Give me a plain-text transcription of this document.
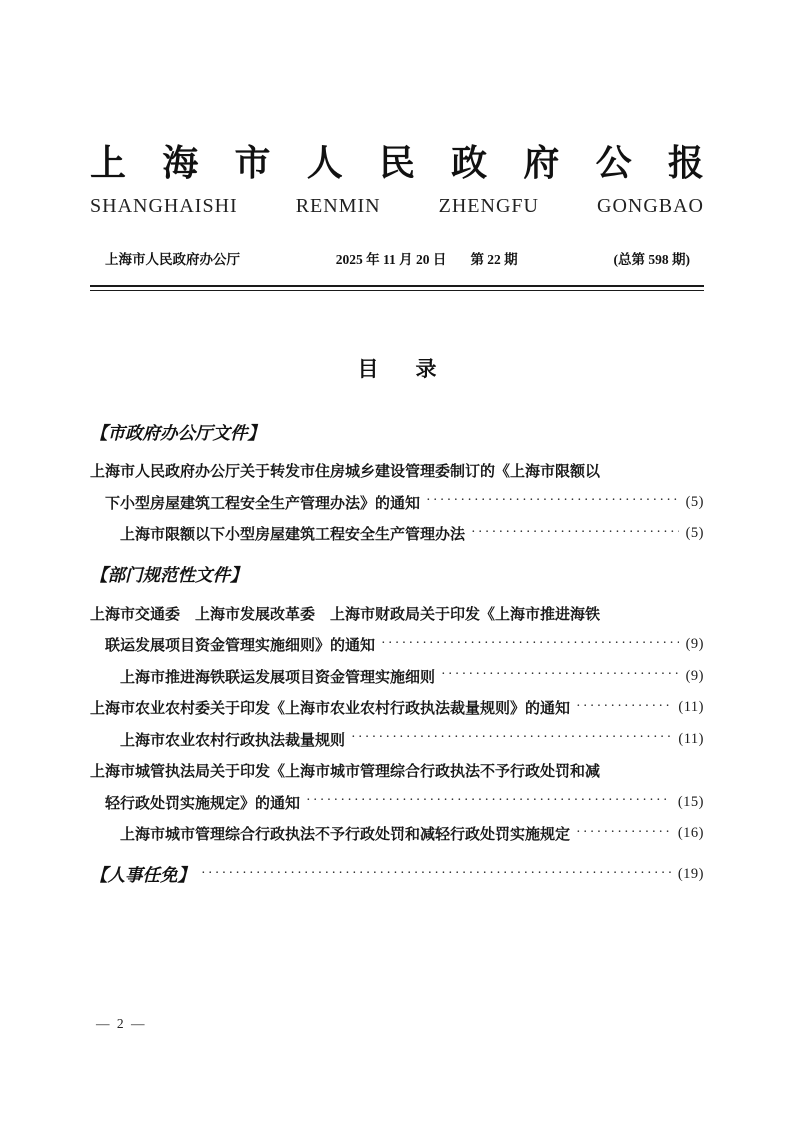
上 海 市 人 民 政 府 公 报
SHANGHAISHI	RENMIN	ZHENGFU	GONGBAO
上海市人民政府办公厅	2025 年 11 月 20 日 第 22 期	(总第 598 期)
目 录
【市政府办公厅文件】
上海市人民政府办公厅关于转发市住房城乡建设管理委制订的《上海市限额以
下小型房屋建筑工程安全生产管理办法》的通知 ·····	(5)
上海市限额以下小型房屋建筑工程安全生产管理办法 ·····	(5)
【部门规范性文件】
上海市交通委　上海市发展改革委　上海市财政局关于印发《上海市推进海铁
联运发展项目资金管理实施细则》的通知 ·····	(9)
上海市推进海铁联运发展项目资金管理实施细则 ·····	(9)
上海市农业农村委关于印发《上海市农业农村行政执法裁量规则》的通知 ·····	(11)
上海市农业农村行政执法裁量规则 ·····	(11)
上海市城管执法局关于印发《上海市城市管理综合行政执法不予行政处罚和减
轻行政处罚实施规定》的通知 ·····	(15)
上海市城市管理综合行政执法不予行政处罚和减轻行政处罚实施规定 ·····	(16)
【人事任免】 ·····	(19)
— 2 —
